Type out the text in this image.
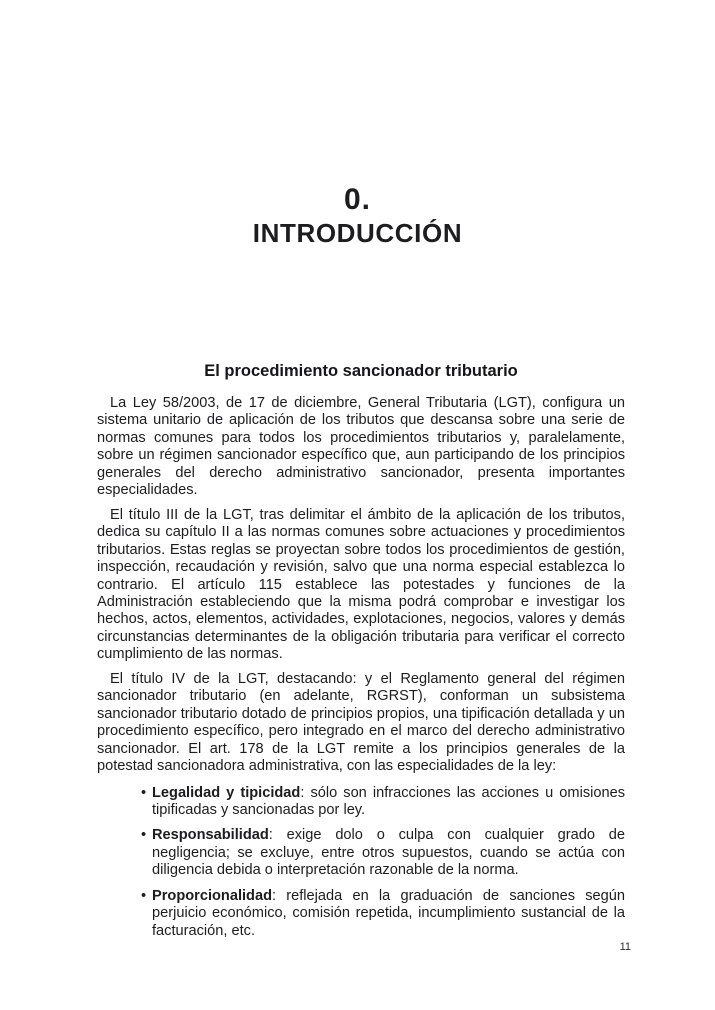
0.
INTRODUCCIÓN
El procedimiento sancionador tributario

La Ley 58/2003, de 17 de diciembre, General Tributaria (LGT), configura un sistema unitario de aplicación de los tributos que descansa sobre una serie de normas comunes para todos los procedimientos tributarios y, paralelamente, sobre un régimen sancionador específico que, aun participando de los principios generales del derecho administrativo sancionador, presenta importantes especialidades.

El título III de la LGT, tras delimitar el ámbito de la aplicación de los tributos, dedica su capítulo II a las normas comunes sobre actuaciones y procedimientos tributarios. Estas reglas se proyectan sobre todos los procedimientos de gestión, inspección, recaudación y revisión, salvo que una norma especial establezca lo contrario. El artículo 115 establece las potestades y funciones de la Administración estableciendo que la misma podrá comprobar e investigar los hechos, actos, elementos, actividades, explotaciones, negocios, valores y demás circunstancias determinantes de la obligación tributaria para verificar el correcto cumplimiento de las normas.

El título IV de la LGT, destacando: y el Reglamento general del régimen sancionador tributario (en adelante, RGRST), conforman un subsistema sancionador tributario dotado de principios propios, una tipificación detallada y un procedimiento específico, pero integrado en el marco del derecho administrativo sancionador. El art. 178 de la LGT remite a los principios generales de la potestad sancionadora administrativa, con las especialidades de la ley:

• Legalidad y tipicidad: sólo son infracciones las acciones u omisiones tipificadas y sancionadas por ley.
• Responsabilidad: exige dolo o culpa con cualquier grado de negligencia; se excluye, entre otros supuestos, cuando se actúa con diligencia debida o interpretación razonable de la norma.
• Proporcionalidad: reflejada en la graduación de sanciones según perjuicio económico, comisión repetida, incumplimiento sustancial de la facturación, etc.
11
